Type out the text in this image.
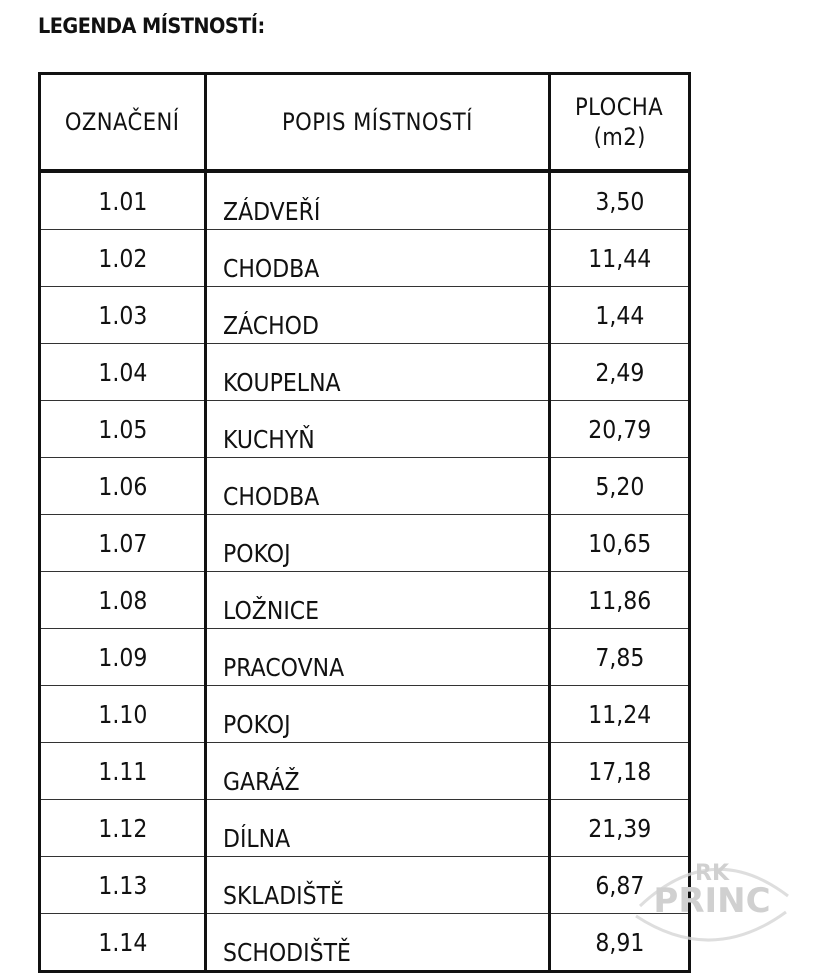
LEGENDA MÍSTNOSTÍ:
OZNAČENÍ	POPIS MÍSTNOSTÍ	PLOCHA
(m2)
1.01	ZÁDVEŘÍ	3,50
1.02	CHODBA	11,44
1.03	ZÁCHOD	1,44
1.04	KOUPELNA	2,49
1.05	KUCHYŇ	20,79
1.06	CHODBA	5,20
1.07	POKOJ	10,65
1.08	LOŽNICE	11,86
1.09	PRACOVNA	7,85
1.10	POKOJ	11,24
1.11	GARÁŽ	17,18
1.12	DÍLNA	21,39
1.13	SKLADIŠTĚ	6,87
1.14	SCHODIŠTĚ	8,91
RK
PRINC
